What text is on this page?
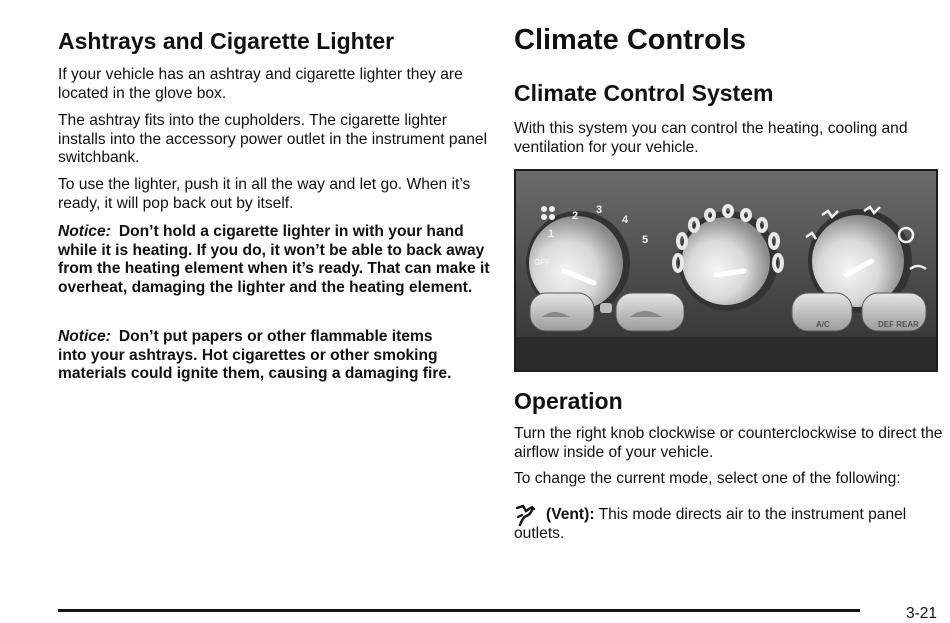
Ashtrays and Cigarette Lighter

If your vehicle has an ashtray and cigarette lighter they are located in the glove box.

The ashtray fits into the cupholders. The cigarette lighter installs into the accessory power outlet in the instrument panel switchbank.

To use the lighter, push it in all the way and let go. When it’s ready, it will pop back out by itself.

Notice: Don’t hold a cigarette lighter in with your hand while it is heating. If you do, it won’t be able to back away from the heating element when it’s ready. That can make it overheat, damaging the lighter and the heating element.

Notice: Don’t put papers or other flammable items into your ashtrays. Hot cigarettes or other smoking materials could ignite them, causing a damaging fire.

Climate Controls
Climate Control System

With this system you can control the heating, cooling and ventilation for your vehicle.

1
2 3
4
5
OFF
A/C	DEF REAR
Operation

Turn the right knob clockwise or counterclockwise to direct the airflow inside of your vehicle.

To change the current mode, select one of the following:

(Vent): This mode directs air to the instrument panel outlets.

3-21
